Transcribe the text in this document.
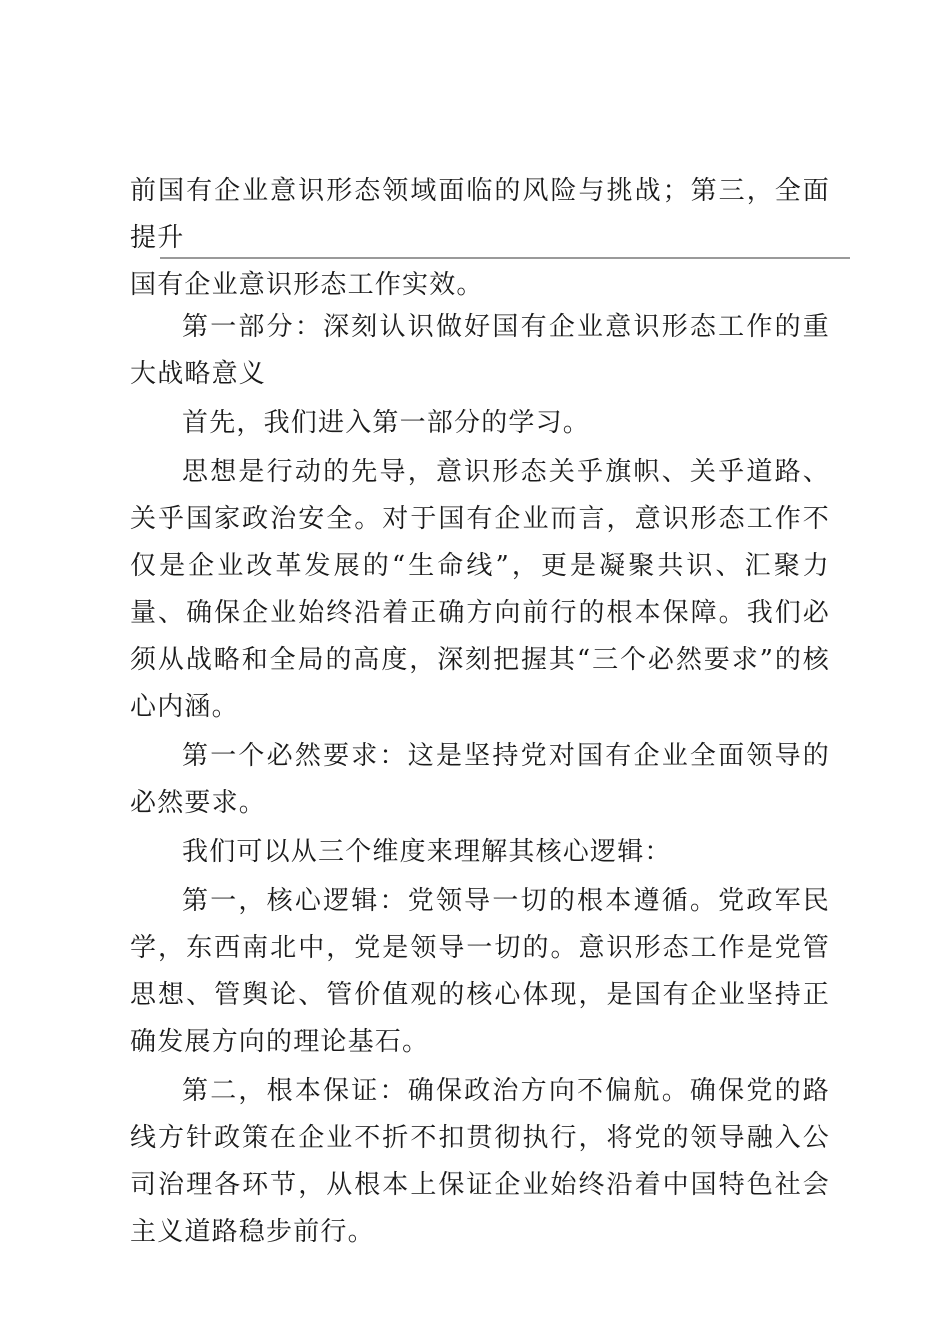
前国有企业意识形态领域面临的风险与挑战；第三，全面提升

国有企业意识形态工作实效。

第一部分：深刻认识做好国有企业意识形态工作的重大战略意义

首先，我们进入第一部分的学习。

思想是行动的先导，意识形态关乎旗帜、关乎道路、关乎国家政治安全。对于国有企业而言，意识形态工作不仅是企业改革发展的“生命线”，更是凝聚共识、汇聚力量、确保企业始终沿着正确方向前行的根本保障。我们必须从战略和全局的高度，深刻把握其“三个必然要求”的核心内涵。

第一个必然要求：这是坚持党对国有企业全面领导的必然要求。

我们可以从三个维度来理解其核心逻辑：

第一，核心逻辑：党领导一切的根本遵循。党政军民学，东西南北中，党是领导一切的。意识形态工作是党管思想、管舆论、管价值观的核心体现，是国有企业坚持正确发展方向的理论基石。

第二，根本保证：确保政治方向不偏航。确保党的路线方针政策在企业不折不扣贯彻执行，将党的领导融入公司治理各环节，从根本上保证企业始终沿着中国特色社会主义道路稳步前行。
